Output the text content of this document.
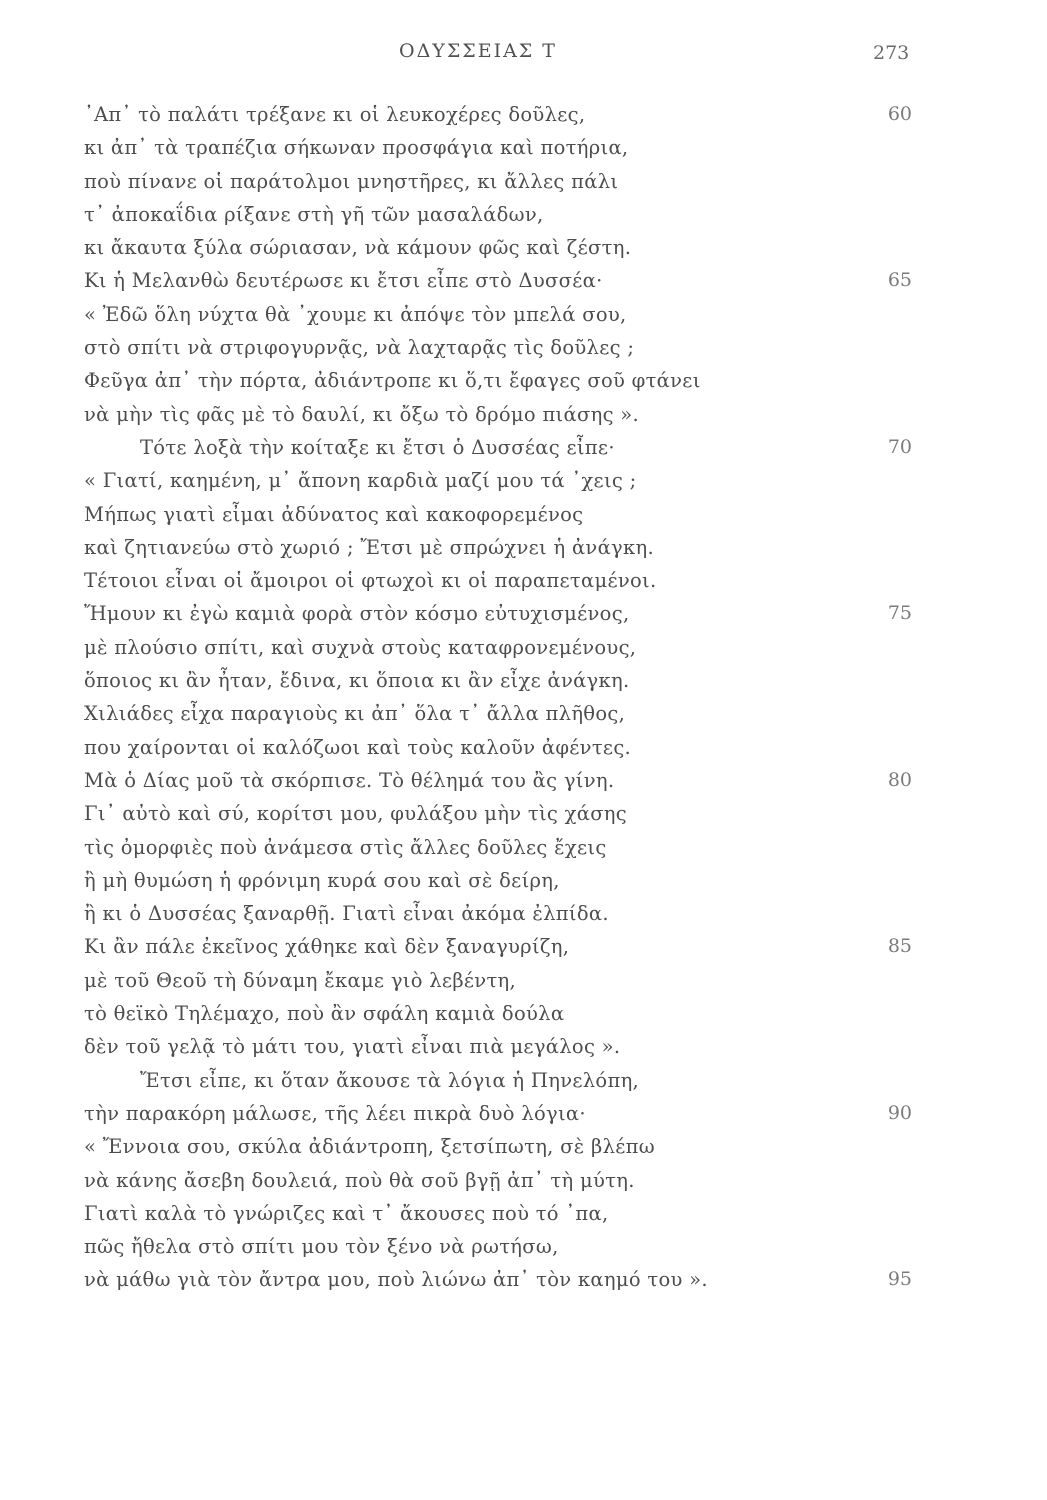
ΟΔΥΣΣΕΙΑΣ Τ	273
᾿Απ᾿ τὸ παλάτι τρέξανε κι οἱ λευκοχέρες δοῦλες,	60
κι ἀπ᾿ τὰ τραπέζια σήκωναν προσφάγια καὶ ποτήρια,
ποὺ πίνανε οἱ παράτολμοι μνηστῆρες, κι ἄλλες πάλι
τ᾿ ἀποκαΐδια ρίξανε στὴ γῆ τῶν μασαλάδων,
κι ἄκαυτα ξύλα σώριασαν, νὰ κάμουν φῶς καὶ ζέστη.
Κι ἡ Μελανθὼ δευτέρωσε κι ἔτσι εἶπε στὸ Δυσσέα·	65
« Ἐδῶ ὅλη νύχτα θὰ ᾽χουμε κι ἀπόψε τὸν μπελά σου,
στὸ σπίτι νὰ στριφογυρνᾷς, νὰ λαχταρᾷς τὶς δοῦλες ;
Φεῦγα ἀπ᾿ τὴν πόρτα, ἀδιάντροπε κι ὅ,τι ἔφαγες σοῦ φτάνει
νὰ μὴν τὶς φᾶς μὲ τὸ δαυλί, κι ὄξω τὸ δρόμο πιάσης ».
Τότε λοξὰ τὴν κοίταξε κι ἔτσι ὁ Δυσσέας εἶπε·	70
« Γιατί, καημένη, μ᾿ ἄπονη καρδιὰ μαζί μου τά ᾽χεις ;
Μήπως γιατὶ εἶμαι ἀδύνατος καὶ κακοφορεμένος
καὶ ζητιανεύω στὸ χωριό ; Ἔτσι μὲ σπρώχνει ἡ ἀνάγκη.
Τέτοιοι εἶναι οἱ ἄμοιροι οἱ φτωχοὶ κι οἱ παραπεταμένοι.
Ἤμουν κι ἐγὼ καμιὰ φορὰ στὸν κόσμο εὐτυχισμένος,	75
μὲ πλούσιο σπίτι, καὶ συχνὰ στοὺς καταφρονεμένους,
ὅποιος κι ἂν ἦταν, ἔδινα, κι ὅποια κι ἂν εἶχε ἀνάγκη.
Χιλιάδες εἶχα παραγιοὺς κι ἀπ᾿ ὅλα τ᾿ ἄλλα πλῆθος,
που χαίρονται οἱ καλόζωοι καὶ τοὺς καλοῦν ἀφέντες.
Μὰ ὁ Δίας μοῦ τὰ σκόρπισε. Τὸ θέλημά του ἂς γίνη.	80
Γι᾿ αὐτὸ καὶ σύ, κορίτσι μου, φυλάξου μὴν τὶς χάσης
τὶς ὀμορφιὲς ποὺ ἀνάμεσα στὶς ἄλλες δοῦλες ἔχεις
ἢ μὴ θυμώση ἡ φρόνιμη κυρά σου καὶ σὲ δείρη,
ἢ κι ὁ Δυσσέας ξαναρθῇ. Γιατὶ εἶναι ἀκόμα ἐλπίδα.
Κι ἂν πάλε ἐκεῖνος χάθηκε καὶ δὲν ξαναγυρίζη,	85
μὲ τοῦ Θεοῦ τὴ δύναμη ἔκαμε γιὸ λεβέντη,
τὸ θεϊκὸ Τηλέμαχο, ποὺ ἂν σφάλη καμιὰ δούλα
δὲν τοῦ γελᾷ τὸ μάτι του, γιατὶ εἶναι πιὰ μεγάλος ».
Ἔτσι εἶπε, κι ὅταν ἄκουσε τὰ λόγια ἡ Πηνελόπη,
τὴν παρακόρη μάλωσε, τῆς λέει πικρὰ δυὸ λόγια·	90
« Ἔννοια σου, σκύλα ἀδιάντροπη, ξετσίπωτη, σὲ βλέπω
νὰ κάνης ἄσεβη δουλειά, ποὺ θὰ σοῦ βγῇ ἀπ᾿ τὴ μύτη.
Γιατὶ καλὰ τὸ γνώριζες καὶ τ᾿ ἄκουσες ποὺ τό ᾽πα,
πῶς ἤθελα στὸ σπίτι μου τὸν ξένο νὰ ρωτήσω,
νὰ μάθω γιὰ τὸν ἄντρα μου, ποὺ λιώνω ἀπ᾿ τὸν καημό του ».	95
